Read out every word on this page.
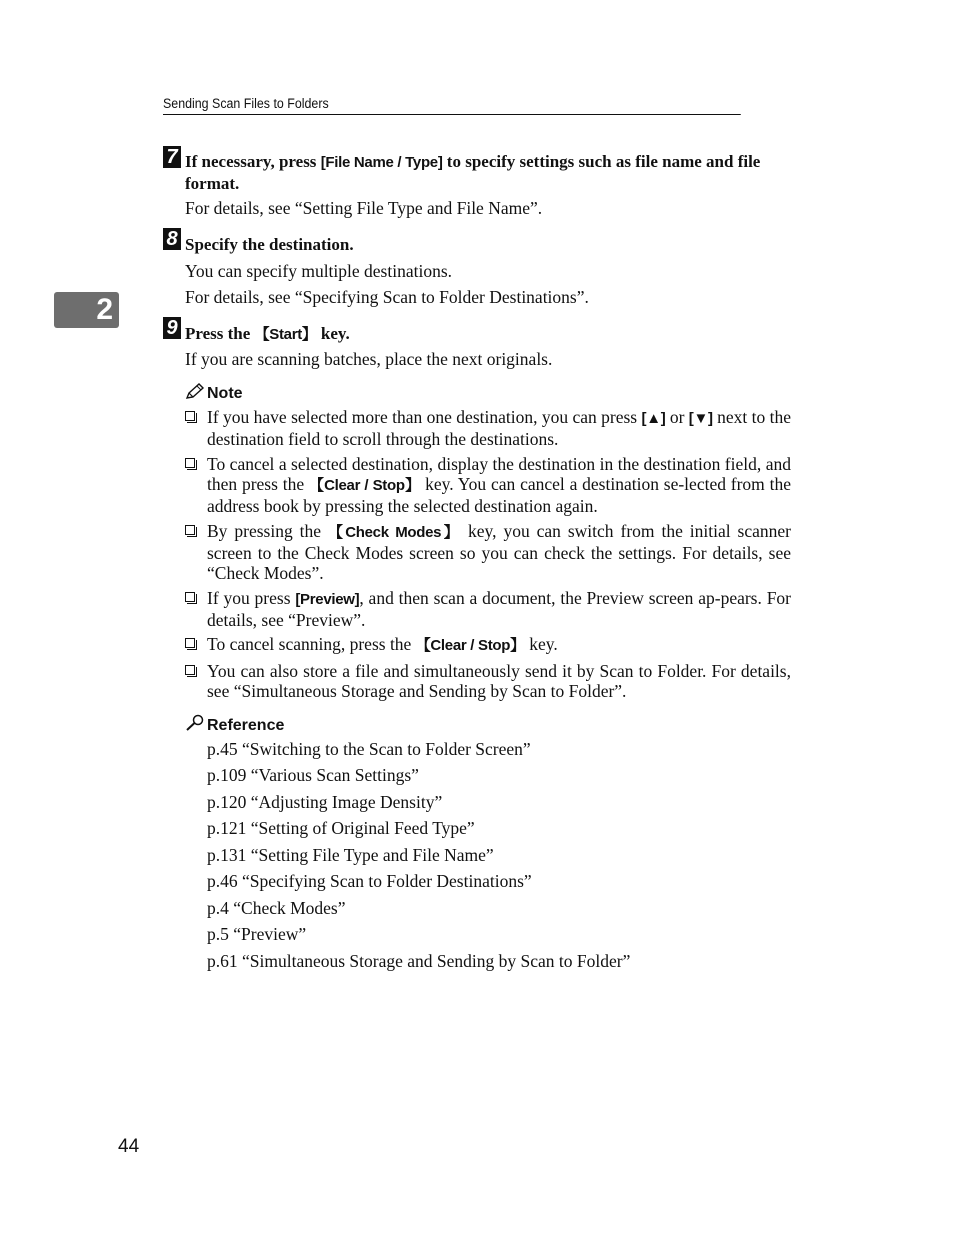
Sending Scan Files to Folders
2
7 If necessary, press [File Name / Type] to specify settings such as file name and file format.
For details, see “Setting File Type and File Name”.
8 Specify the destination.
You can specify multiple destinations.
For details, see “Specifying Scan to Folder Destinations”.
9 Press the 【Start】 key.
If you are scanning batches, place the next originals.
Note
If you have selected more than one destination, you can press [▲] or [▼] next to the destination field to scroll through the destinations.
To cancel a selected destination, display the destination in the destination field, and then press the 【Clear / Stop】 key. You can cancel a destination se-lected from the address book by pressing the selected destination again.
By pressing the 【Check Modes】 key, you can switch from the initial scanner screen to the Check Modes screen so you can check the settings. For details, see “Check Modes”.
If you press [Preview], and then scan a document, the Preview screen ap-pears. For details, see “Preview”.
To cancel scanning, press the 【Clear / Stop】 key.
You can also store a file and simultaneously send it by Scan to Folder. For details, see “Simultaneous Storage and Sending by Scan to Folder”.
Reference
p.45 “Switching to the Scan to Folder Screen”
p.109 “Various Scan Settings”
p.120 “Adjusting Image Density”
p.121 “Setting of Original Feed Type”
p.131 “Setting File Type and File Name”
p.46 “Specifying Scan to Folder Destinations”
p.4 “Check Modes”
p.5 “Preview”
p.61 “Simultaneous Storage and Sending by Scan to Folder”
44
